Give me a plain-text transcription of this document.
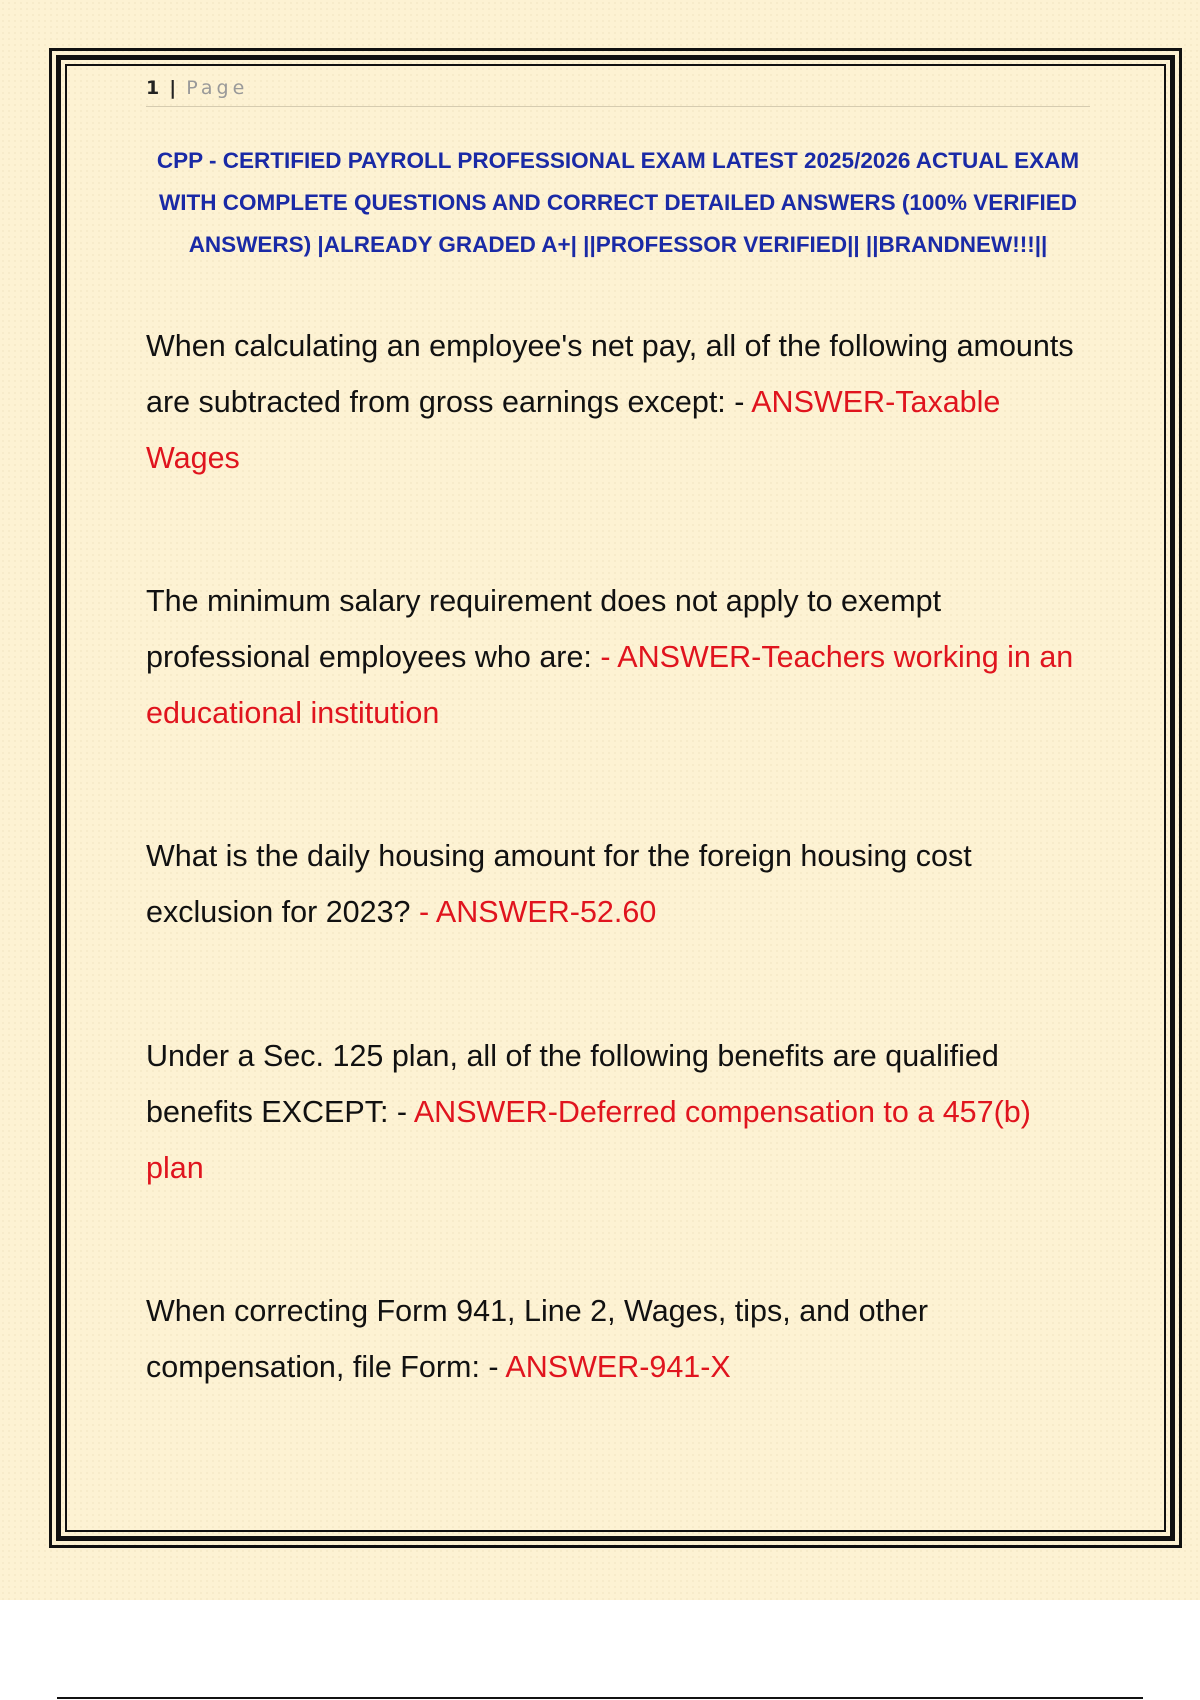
1 | Page
CPP - CERTIFIED PAYROLL PROFESSIONAL EXAM LATEST 2025/2026 ACTUAL EXAM WITH COMPLETE QUESTIONS AND CORRECT DETAILED ANSWERS (100% VERIFIED ANSWERS) |ALREADY GRADED A+| ||PROFESSOR VERIFIED|| ||BRANDNEW!!!||
When calculating an employee's net pay, all of the following amounts are subtracted from gross earnings except: - ANSWER-Taxable Wages
The minimum salary requirement does not apply to exempt professional employees who are: - ANSWER-Teachers working in an educational institution
What is the daily housing amount for the foreign housing cost exclusion for 2023? - ANSWER-52.60
Under a Sec. 125 plan, all of the following benefits are qualified benefits EXCEPT: - ANSWER-Deferred compensation to a 457(b) plan
When correcting Form 941, Line 2, Wages, tips, and other compensation, file Form: - ANSWER-941-X
